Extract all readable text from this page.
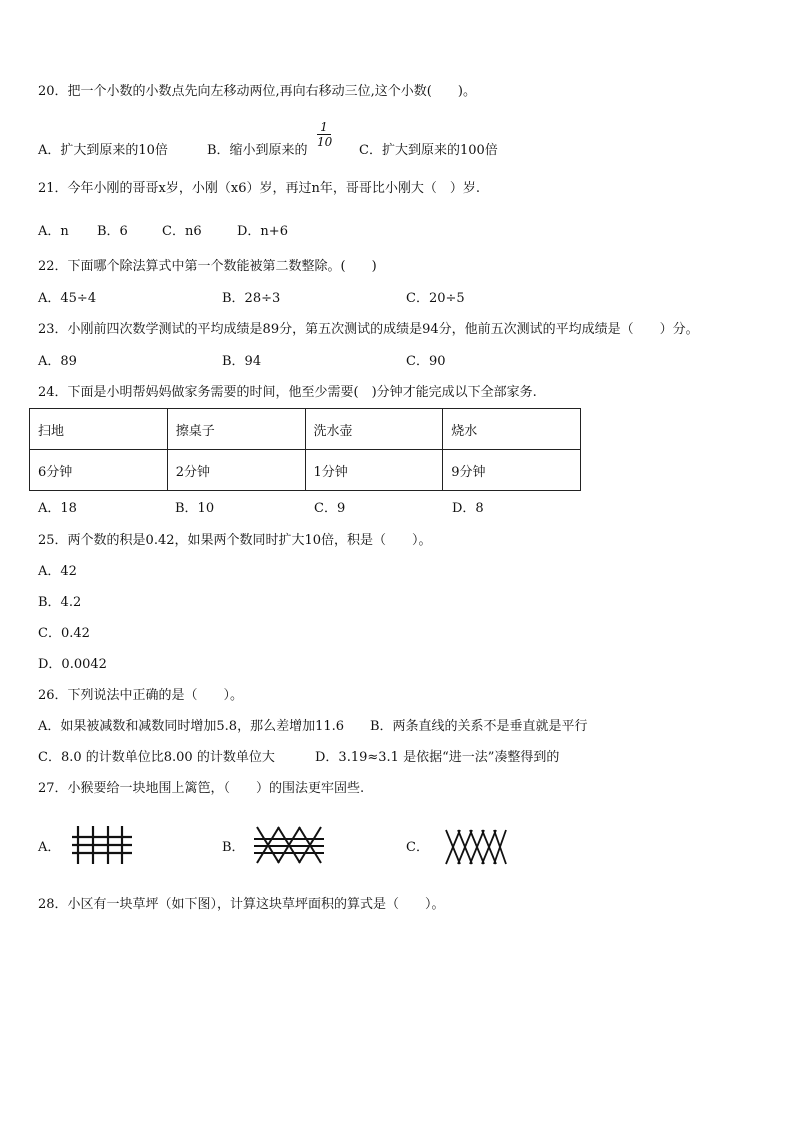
20．把一个小数的小数点先向左移动两位,再向右移动三位,这个小数(　　)。
A．扩大到原来的10倍	B．缩小到原来的
$\frac{1}{10}$
C．扩大到原来的100倍
21．今年小刚的哥哥x岁，小刚（x6）岁，再过n年，哥哥比小刚大（　）岁.
A．n B．6	C．n6	D．n+6
22．下面哪个除法算式中第一个数能被第二数整除。(　　)
A．45÷4	B．28÷3	C．20÷5
23．小刚前四次数学测试的平均成绩是89分，第五次测试的成绩是94分，他前五次测试的平均成绩是（　　）分。
A．89	B．94	C．90
24．下面是小明帮妈妈做家务需要的时间，他至少需要(　)分钟才能完成以下全部家务.
扫地	擦桌子	洗水壶	烧水
6分钟	2分钟	1分钟	9分钟
A．18	B．10	C．9	D．8
25．两个数的积是0.42，如果两个数同时扩大10倍，积是（　　）。
A．42
B．4.2
C．0.42
D．0.0042
26．下列说法中正确的是（　　）。
A．如果被减数和减数同时增加5.8，那么差增加11.6 B．两条直线的关系不是垂直就是平行
C．8.0 的计数单位比8.00 的计数单位大	D．3.19≈3.1 是依据“进一法”凑整得到的
27．小猴要给一块地围上篱笆，（　　）的围法更牢固些.
A．	B．	C．
28．小区有一块草坪（如下图），计算这块草坪面积的算式是（　　）。
